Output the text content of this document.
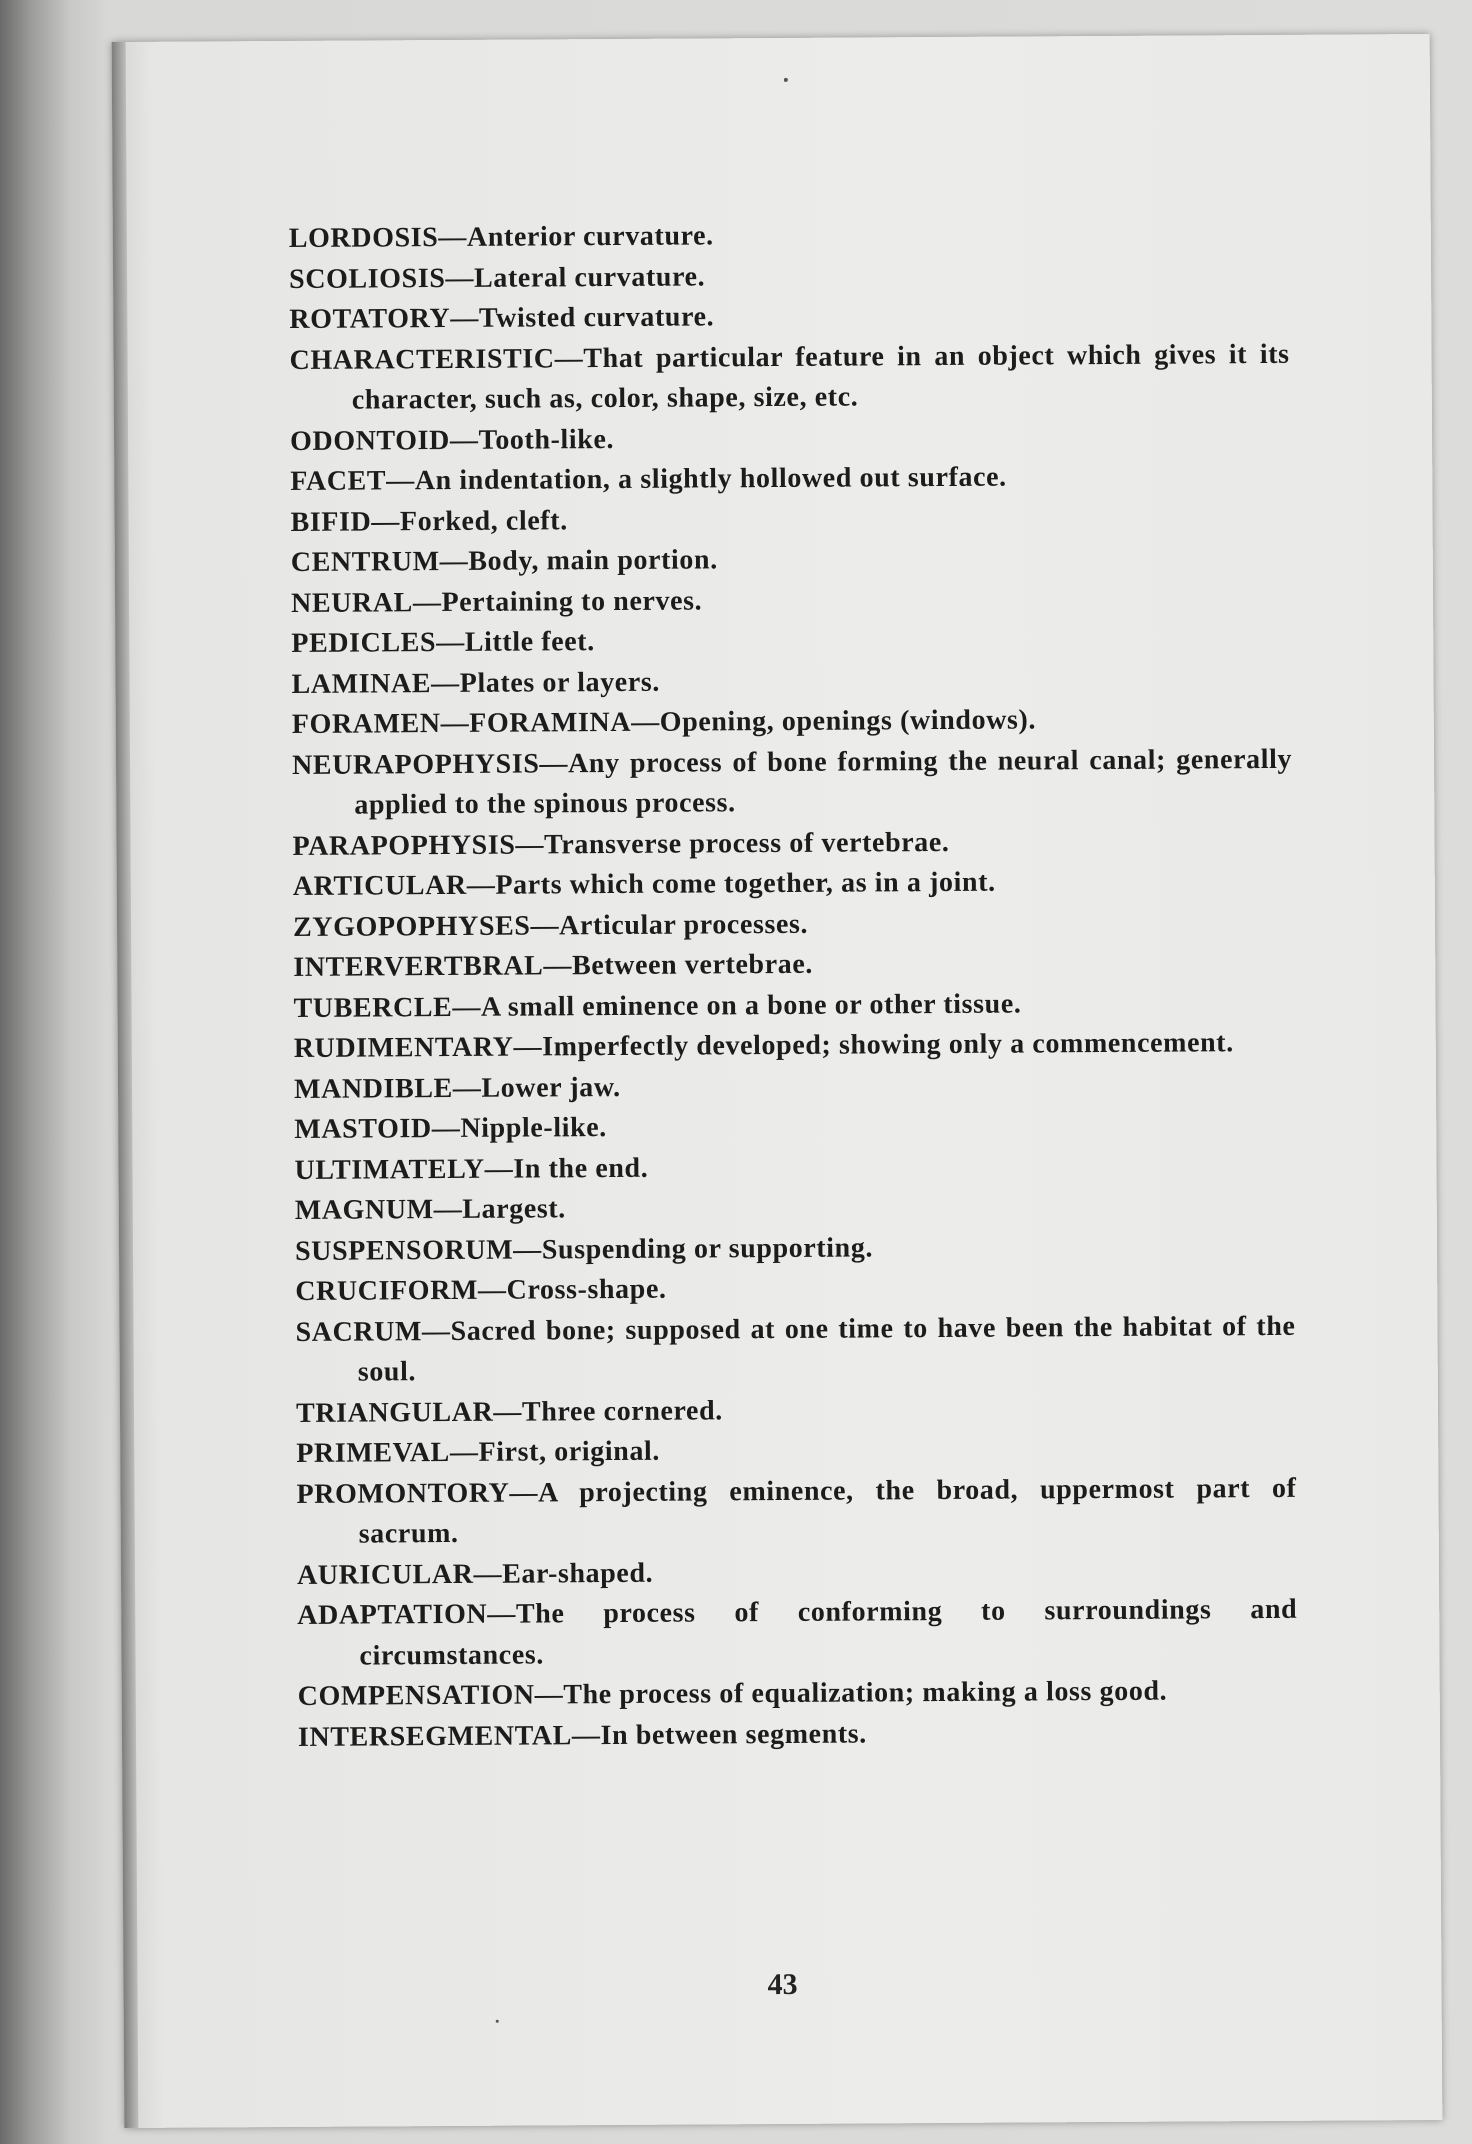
LORDOSIS—Anterior curvature.

SCOLIOSIS—Lateral curvature.

ROTATORY—Twisted curvature.

CHARACTERISTIC—That particular feature in an object which gives it its character, such as, color, shape, size, etc.

ODONTOID—Tooth-like.

FACET—An indentation, a slightly hollowed out surface.

BIFID—Forked, cleft.

CENTRUM—Body, main portion.

NEURAL—Pertaining to nerves.

PEDICLES—Little feet.

LAMINAE—Plates or layers.

FORAMEN—FORAMINA—Opening, openings (windows).

NEURAPOPHYSIS—Any process of bone forming the neural canal; generally applied to the spinous process.

PARAPOPHYSIS—Transverse process of vertebrae.

ARTICULAR—Parts which come together, as in a joint.

ZYGOPOPHYSES—Articular processes.

INTERVERTBRAL—Between vertebrae.

TUBERCLE—A small eminence on a bone or other tissue.

RUDIMENTARY—Imperfectly developed; showing only a commencement.

MANDIBLE—Lower jaw.

MASTOID—Nipple-like.

ULTIMATELY—In the end.

MAGNUM—Largest.

SUSPENSORUM—Suspending or supporting.

CRUCIFORM—Cross-shape.

SACRUM—Sacred bone; supposed at one time to have been the habitat of the soul.

TRIANGULAR—Three cornered.

PRIMEVAL—First, original.

PROMONTORY—A projecting eminence, the broad, uppermost part of sacrum.

AURICULAR—Ear-shaped.

ADAPTATION—The process of conforming to surroundings and circumstances.

COMPENSATION—The process of equalization; making a loss good.

INTERSEGMENTAL—In between segments.

43
